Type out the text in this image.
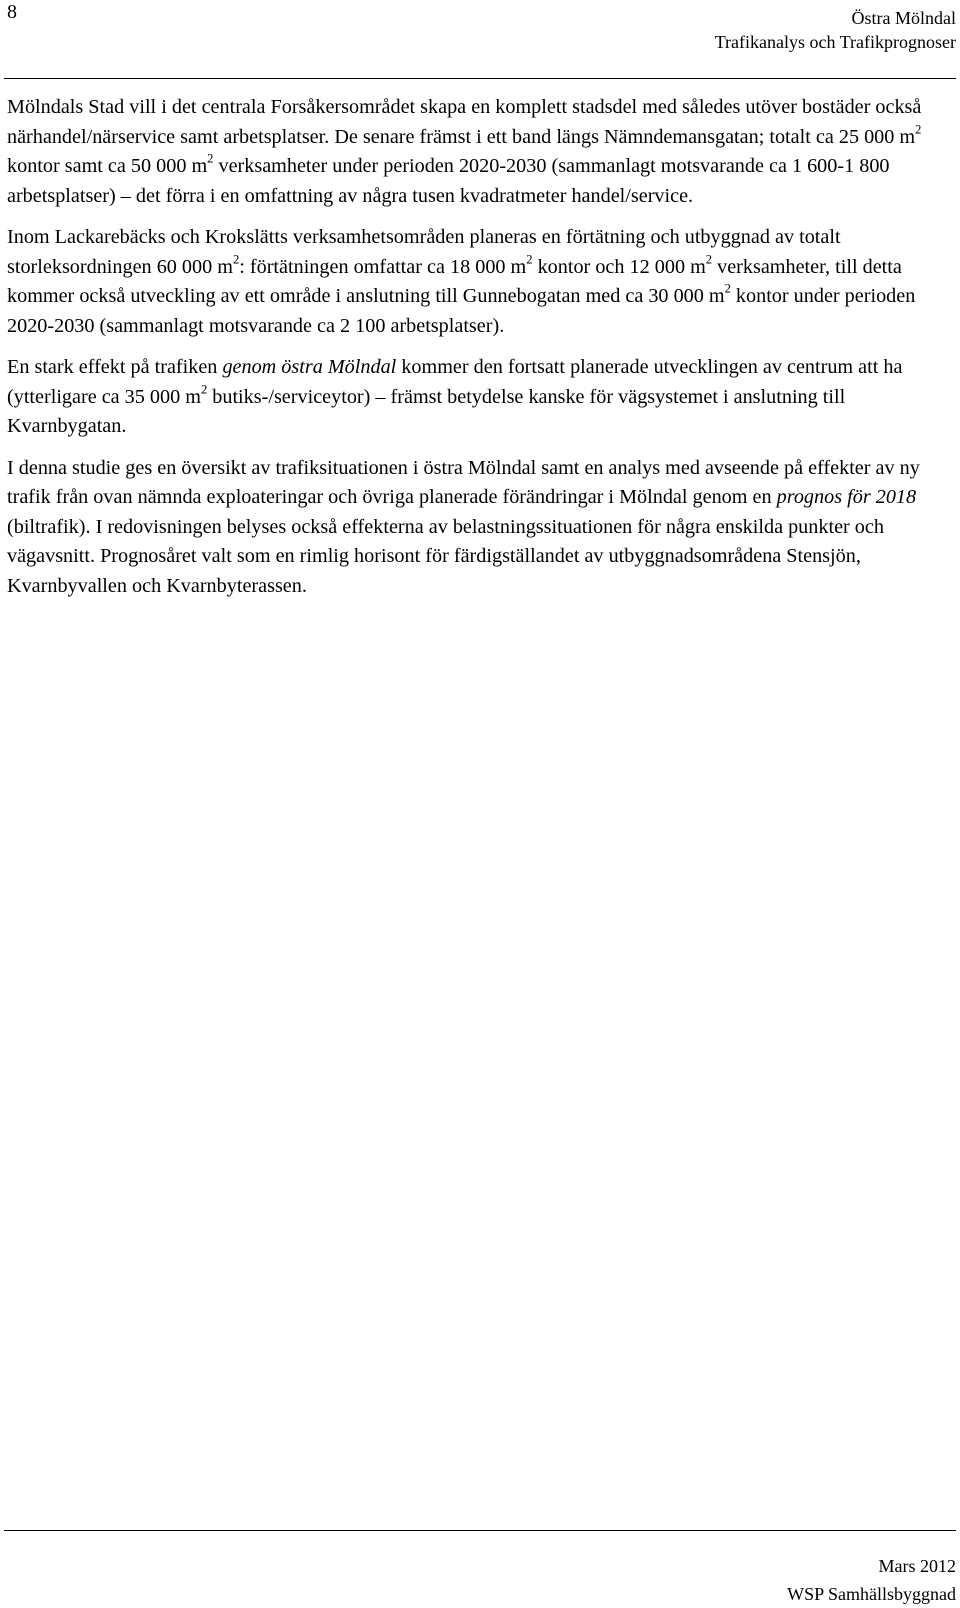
8	Östra Mölndal
Trafikanalys och Trafikprognoser

Mölndals Stad vill i det centrala Forsåkersområdet skapa en komplett stadsdel med således utöver bostäder också närhandel/närservice samt arbetsplatser. De senare främst i ett band längs Nämndemansgatan; totalt ca 25 000 $m^2$ kontor samt ca 50 000 $m^2$ verksamheter under perioden 2020-2030 (sammanlagt motsvarande ca 1 600-1 800 arbetsplatser) – det förra i en omfattning av några tusen kvadratmeter handel/service.

Inom Lackarebäcks och Krokslätts verksamhetsområden planeras en förtätning och utbyggnad av totalt storleksordningen 60 000 $m^2$: förtätningen omfattar ca 18 000 $m^2$ kontor och 12 000 $m^2$ verksamheter, till detta kommer också utveckling av ett område i anslutning till Gunnebogatan med ca 30 000 $m^2$ kontor under perioden 2020-2030 (sammanlagt motsvarande ca 2 100 arbetsplatser).

En stark effekt på trafiken genom östra Mölndal kommer den fortsatt planerade utvecklingen av centrum att ha (ytterligare ca 35 000 $m^2$ butiks-/serviceytor) – främst betydelse kanske för vägsystemet i anslutning till Kvarnbygatan.

I denna studie ges en översikt av trafiksituationen i östra Mölndal samt en analys med avseende på effekter av ny trafik från ovan nämnda exploateringar och övriga planerade förändringar i Mölndal genom en prognos för 2018 (biltrafik). I redovisningen belyses också effekterna av belastningssituationen för några enskilda punkter och vägavsnitt. Prognosåret valt som en rimlig horisont för färdigställandet av utbyggnadsområdena Stensjön, Kvarnbyvallen och Kvarnbyterassen.

Mars 2012
WSP Samhällsbyggnad
